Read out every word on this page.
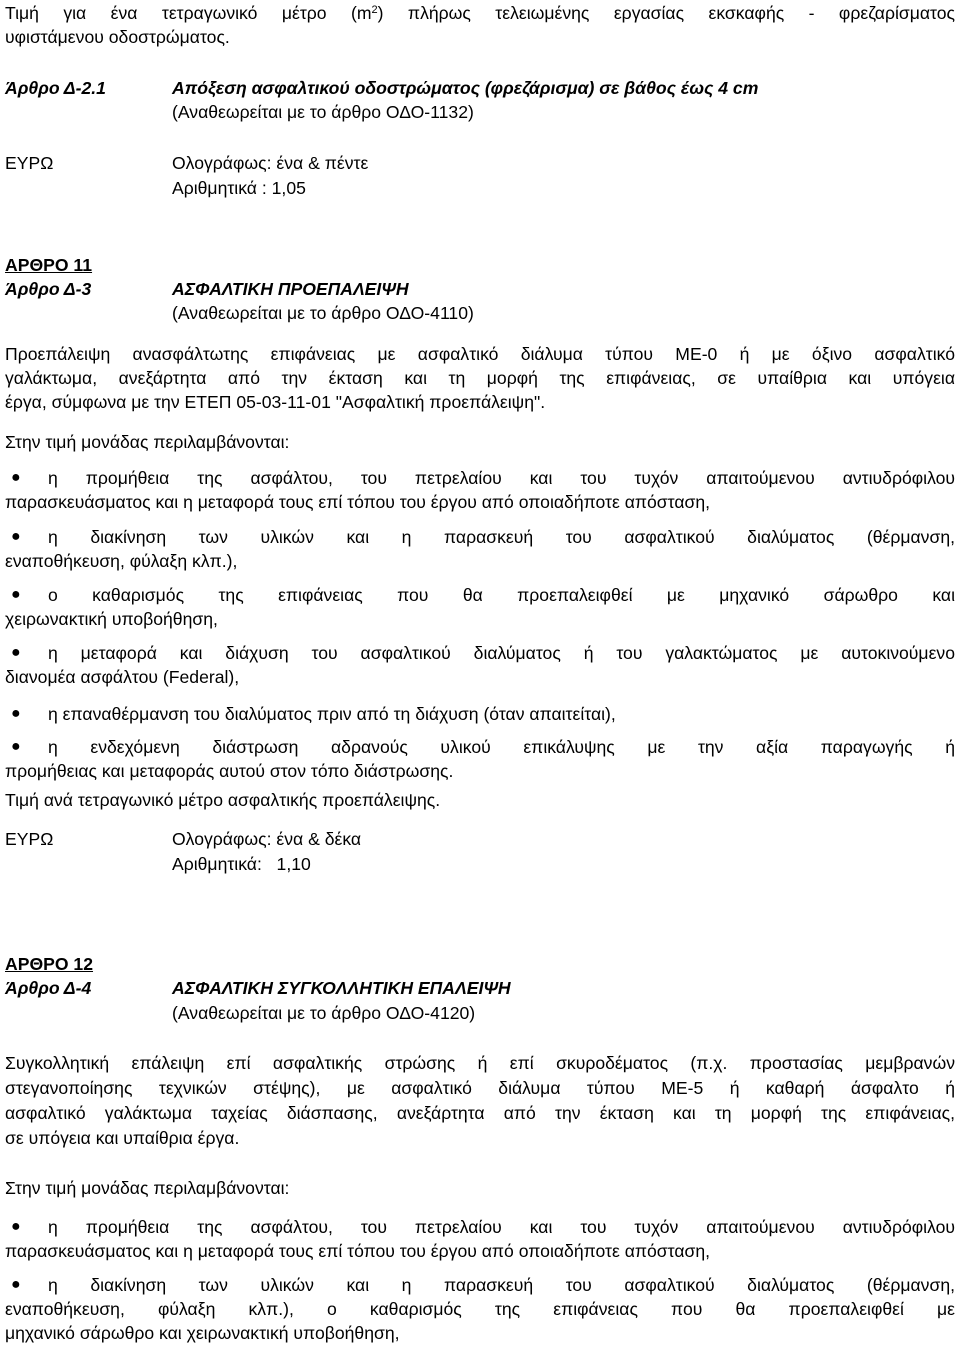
Τιμή για ένα τετραγωνικό μέτρο $(m^2)$ πλήρως τελειωμένης εργασίας εκσκαφής - φρεζαρίσματος
υφιστάμενου οδοστρώματος.
Άρθρο Δ-2.1	Απόξεση ασφαλτικού οδοστρώματος (φρεζάρισμα) σε βάθος έως 4 cm
(Αναθεωρείται με το άρθρο ΟΔΟ-1132)
ΕΥΡΩ	Ολογράφως: ένα & πέντε
Αριθμητικά : 1,05
ΑΡΘΡΟ 11
Άρθρο Δ-3	ΑΣΦΑΛΤΙΚΗ ΠΡΟΕΠΑΛΕΙΨΗ
(Αναθεωρείται με το άρθρο ΟΔΟ-4110)
Προεπάλειψη ανασφάλτωτης επιφάνειας με ασφαλτικό διάλυμα τύπου ΜΕ-0 ή με όξινο ασφαλτικό
γαλάκτωμα, ανεξάρτητα από την έκταση και τη μορφή της επιφάνειας, σε υπαίθρια και υπόγεια
έργα, σύμφωνα με την ΕΤΕΠ 05-03-11-01 "Ασφαλτική προεπάλειψη".
Στην τιμή μονάδας περιλαμβάνονται:
● η προμήθεια της ασφάλτου, του πετρελαίου και του τυχόν απαιτούμενου αντιυδρόφιλου
παρασκευάσματος και η μεταφορά τους επί τόπου του έργου από οποιαδήποτε απόσταση,
● η διακίνηση των υλικών και η παρασκευή του ασφαλτικού διαλύματος (θέρμανση,
εναποθήκευση, φύλαξη κλπ.),
● ο καθαρισμός της επιφάνειας που θα προεπαλειφθεί με μηχανικό σάρωθρο και
χειρωνακτική υποβοήθηση,
● η μεταφορά και διάχυση του ασφαλτικού διαλύματος ή του γαλακτώματος με αυτοκινούμενο
διανομέα ασφάλτου (Federal),
● η επαναθέρμανση του διαλύματος πριν από τη διάχυση (όταν απαιτείται),
● η ενδεχόμενη διάστρωση αδρανούς υλικού επικάλυψης με την αξία παραγωγής ή
προμήθειας και μεταφοράς αυτού στον τόπο διάστρωσης.
Τιμή ανά τετραγωνικό μέτρο ασφαλτικής προεπάλειψης.
ΕΥΡΩ	Ολογράφως: ένα & δέκα
Αριθμητικά: 1,10
ΑΡΘΡΟ 12
Άρθρο Δ-4	ΑΣΦΑΛΤΙΚΗ ΣΥΓΚΟΛΛΗΤΙΚΗ ΕΠΑΛΕΙΨΗ
(Αναθεωρείται με το άρθρο ΟΔΟ-4120)
Συγκολλητική επάλειψη επί ασφαλτικής στρώσης ή επί σκυροδέματος (π.χ. προστασίας μεμβρανών
στεγανοποίησης τεχνικών στέψης), με ασφαλτικό διάλυμα τύπου ΜΕ-5 ή καθαρή άσφαλτο ή
ασφαλτικό γαλάκτωμα ταχείας διάσπασης, ανεξάρτητα από την έκταση και τη μορφή της επιφάνειας,
σε υπόγεια και υπαίθρια έργα.
Στην τιμή μονάδας περιλαμβάνονται:
● η προμήθεια της ασφάλτου, του πετρελαίου και του τυχόν απαιτούμενου αντιυδρόφιλου
παρασκευάσματος και η μεταφορά τους επί τόπου του έργου από οποιαδήποτε απόσταση,
● η διακίνηση των υλικών και η παρασκευή του ασφαλτικού διαλύματος (θέρμανση,
εναποθήκευση, φύλαξη κλπ.), ο καθαρισμός της επιφάνειας που θα προεπαλειφθεί με
μηχανικό σάρωθρο και χειρωνακτική υποβοήθηση,
